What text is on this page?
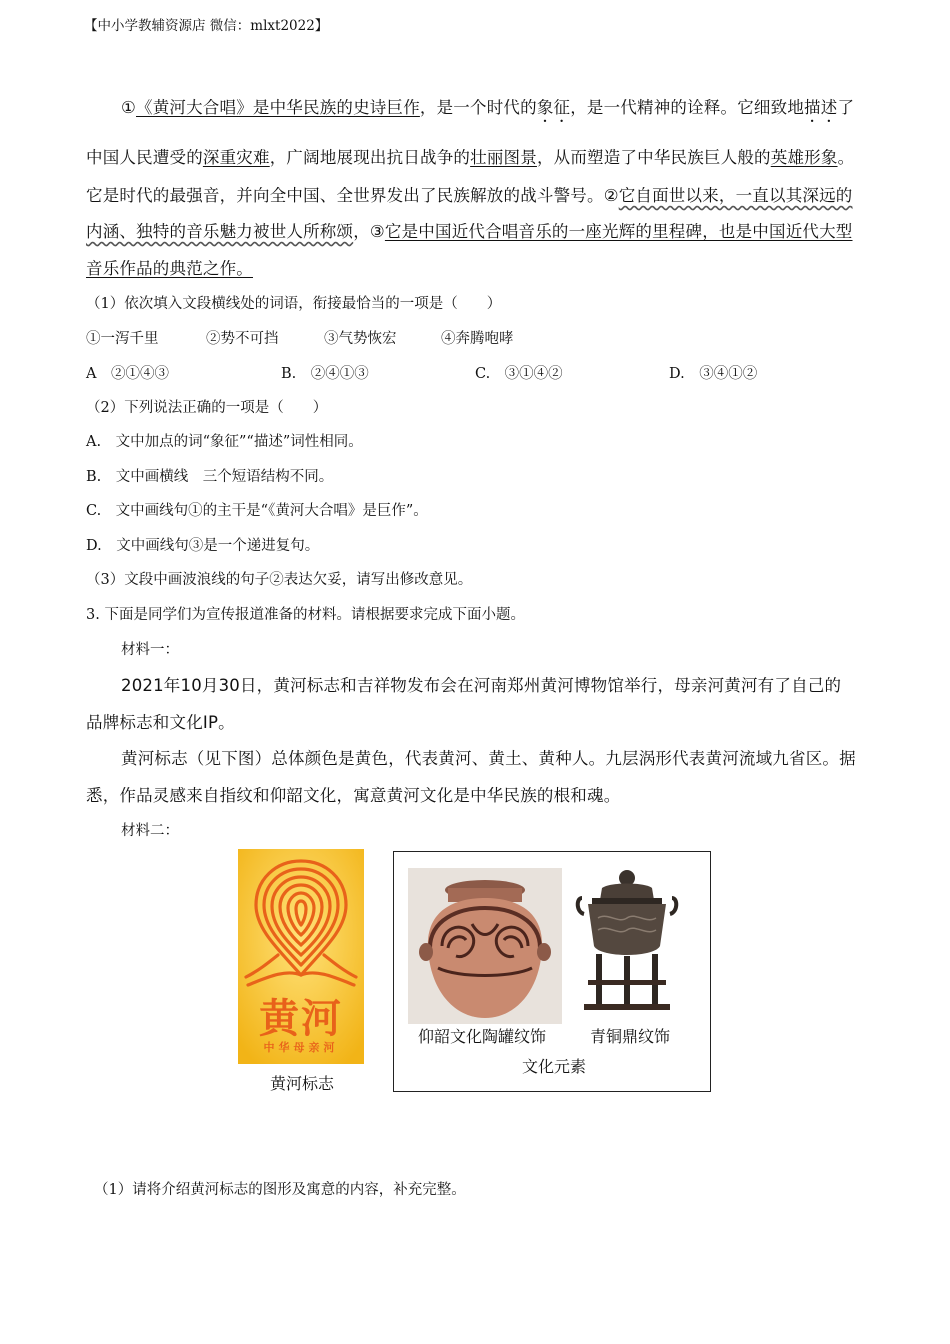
【中小学教辅资源店 微信：mlxt2022】
①《黄河大合唱》是中华民族的史诗巨作，是一个时代的象征，是一代精神的诠释。它细致地描述了
中国人民遭受的深重灾难，广阔地展现出抗日战争的壮丽图景，从而塑造了中华民族巨人般的英雄形象。
它是时代的最强音，并向全中国、全世界发出了民族解放的战斗警号。②它自面世以来，一直以其深远的
内涵、独特的音乐魅力被世人所称颂，③它是中国近代合唱音乐的一座光辉的里程碑，也是中国近代大型
音乐作品的典范之作。
（1）依次填入文段横线处的词语，衔接最恰当的一项是（　　）
①一泻千里	②势不可挡	③气势恢宏	④奔腾咆哮
A　②①④③	B.　②④①③	C.　③①④②	D.　③④①②
（2）下列说法正确的一项是（　　）
A.　文中加点的词“象征”“描述”词性相同。
B.　文中画横线　三个短语结构不同。
C.　文中画线句①的主干是“《黄河大合唱》是巨作”。
D.　文中画线句③是一个递进复句。
（3）文段中画波浪线的句子②表达欠妥，请写出修改意见。
3. 下面是同学们为宣传报道准备的材料。请根据要求完成下面小题。
材料一：
2021年10月30日，黄河标志和吉祥物发布会在河南郑州黄河博物馆举行，母亲河黄河有了自己的
品牌标志和文化IP。
黄河标志（见下图）总体颜色是黄色，代表黄河、黄土、黄种人。九层涡形代表黄河流域九省区。据
悉，作品灵感来自指纹和仰韶文化，寓意黄河文化是中华民族的根和魂。
材料二：
黄河
中华母亲河
黄河标志
仰韶文化陶罐纹饰	青铜鼎纹饰
文化元素
（1）请将介绍黄河标志的图形及寓意的内容，补充完整。
